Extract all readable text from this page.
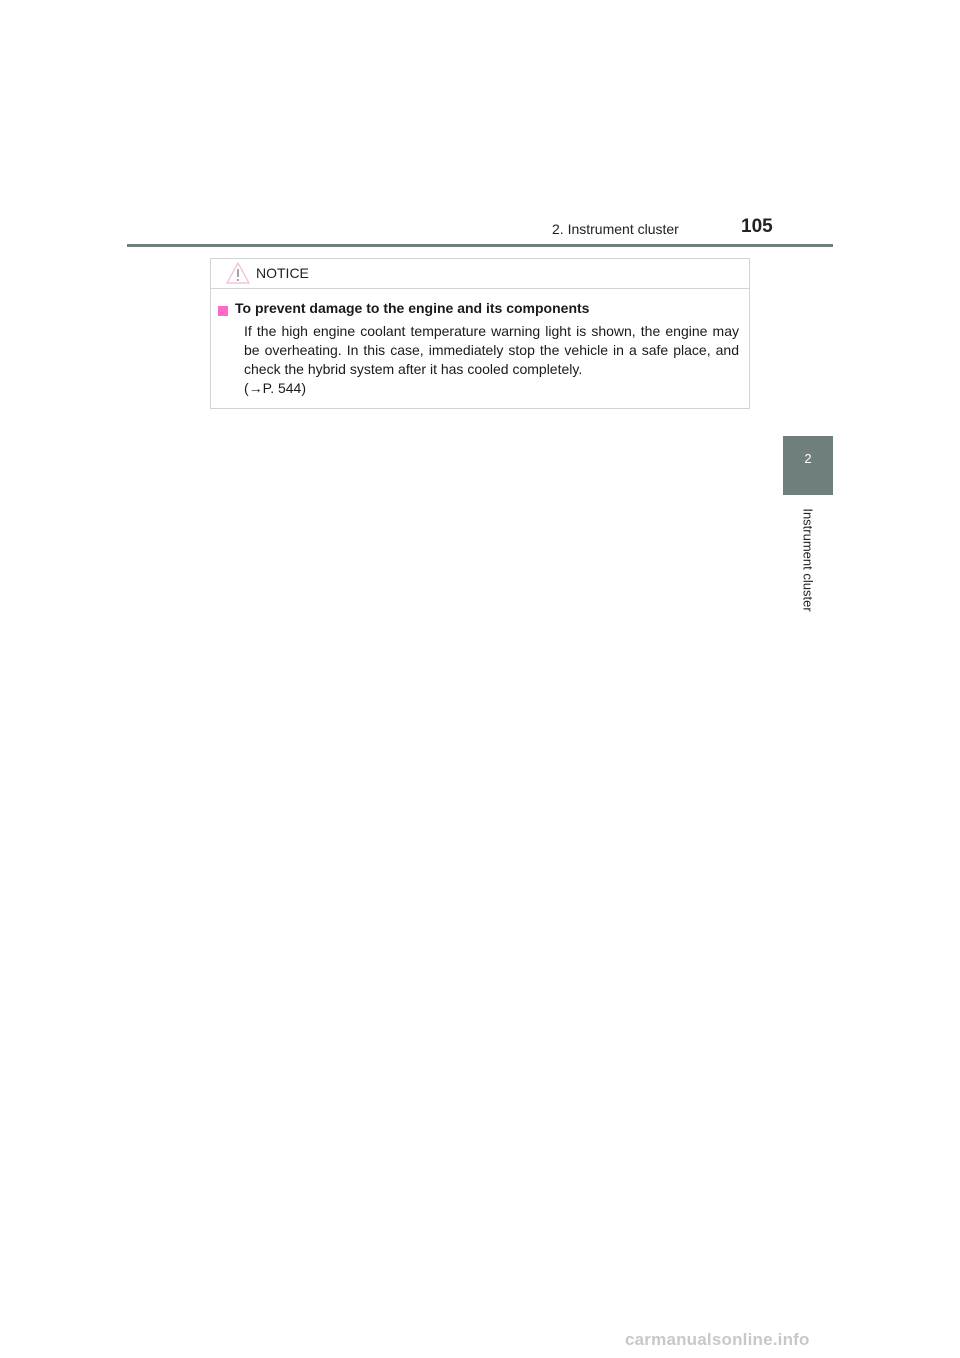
2. Instrument cluster	105
2
Instrument cluster
NOTICE
To prevent damage to the engine and its components

If the high engine coolant temperature warning light is shown, the engine may be overheating. In this case, immediately stop the vehicle in a safe place, and check the hybrid system after it has cooled completely.

(→P. 544)

carmanualsonline.info
